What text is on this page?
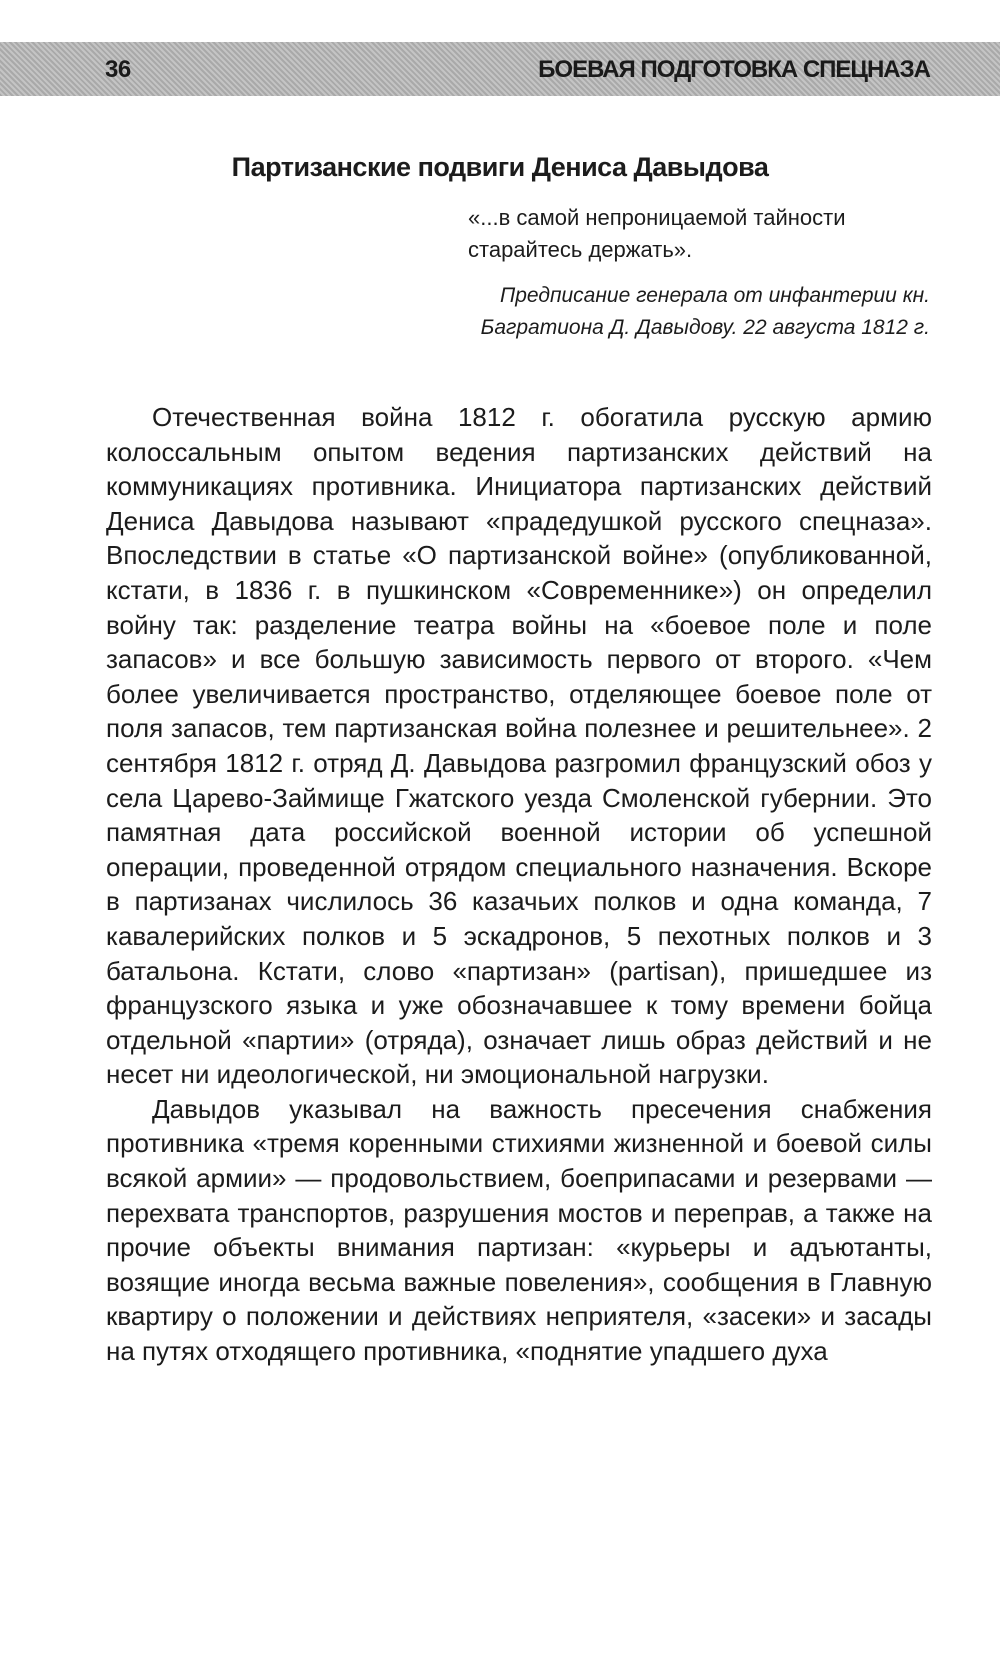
36	БОЕВАЯ ПОДГОТОВКА СПЕЦНАЗА
Партизанские подвиги Дениса Давыдова
«...в самой непроницаемой тайности старайтесь держать».
Предписание генерала от инфантерии кн. Багратиона Д. Давыдову. 22 августа 1812 г.

Отечественная война 1812 г. обогатила русскую армию колоссальным опытом ведения партизанских действий на коммуникациях противника. Инициатора партизанских действий Дениса Давыдова называют «прадедушкой русского спецназа». Впоследствии в статье «О партизанской войне» (опубликованной, кстати, в 1836 г. в пушкинском «Современнике») он определил войну так: разделение театра войны на «боевое поле и поле запасов» и все большую зависимость первого от второго. «Чем более увеличивается пространство, отделяющее боевое поле от поля запасов, тем партизанская война полезнее и решительнее». 2 сентября 1812 г. отряд Д. Давыдова разгромил французский обоз у села Царево-Займище Гжатского уезда Смоленской губернии. Это памятная дата российской военной истории об успешной операции, проведенной отрядом специального назначения. Вскоре в партизанах числилось 36 казачьих полков и одна команда, 7 кавалерийских полков и 5 эскадронов, 5 пехотных полков и 3 батальона. Кстати, слово «партизан» (partisan), пришедшее из французского языка и уже обозначавшее к тому времени бойца отдельной «партии» (отряда), означает лишь образ действий и не несет ни идеологической, ни эмоциональной нагрузки.

Давыдов указывал на важность пресечения снабжения противника «тремя коренными стихиями жизненной и боевой силы всякой армии» — продовольствием, боеприпасами и резервами — перехвата транспортов, разрушения мостов и переправ, а также на прочие объекты внимания партизан: «курьеры и адъютанты, возящие иногда весьма важные повеления», сообщения в Главную квартиру о положении и действиях неприятеля, «засеки» и засады на путях отходящего противника, «поднятие упадшего духа
